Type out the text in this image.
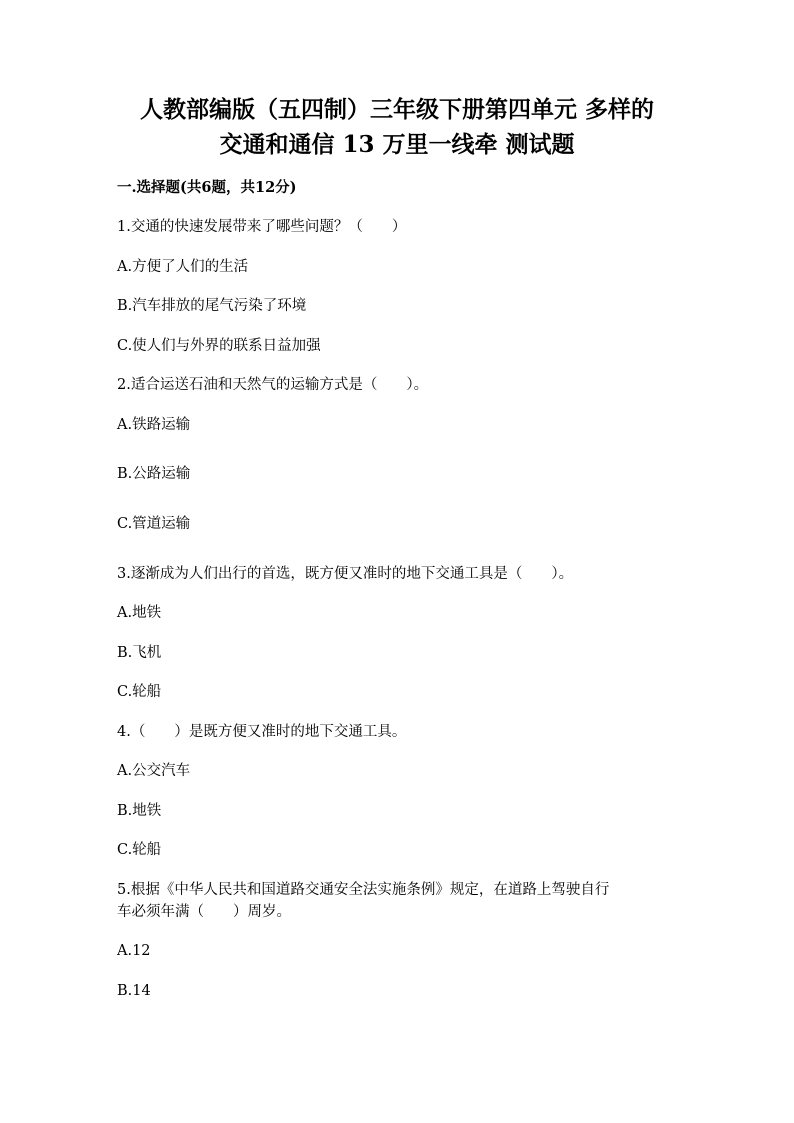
人教部编版（五四制）三年级下册第四单元 多样的
交通和通信 13 万里一线牵 测试题
一.选择题(共6题，共12分)
1.交通的快速发展带来了哪些问题？（　　）
A.方便了人们的生活
B.汽车排放的尾气污染了环境
C.使人们与外界的联系日益加强
2.适合运送石油和天然气的运输方式是（　　）。
A.铁路运输
B.公路运输
C.管道运输
3.逐渐成为人们出行的首选，既方便又准时的地下交通工具是（　　）。
A.地铁
B.飞机
C.轮船
4.（　　）是既方便又准时的地下交通工具。
A.公交汽车
B.地铁
C.轮船
5.根据《中华人民共和国道路交通安全法实施条例》规定，在道路上驾驶自行
车必须年满（　　）周岁。
A.12
B.14
